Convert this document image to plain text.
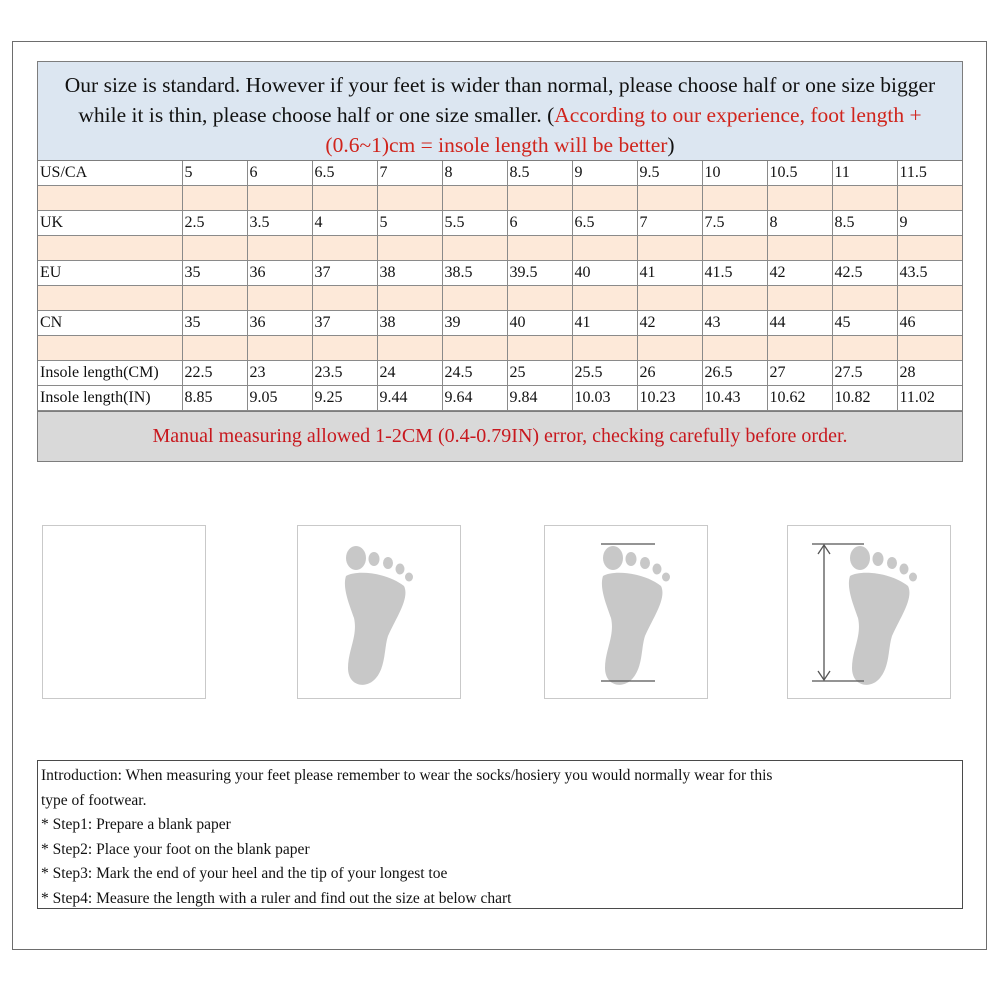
Our size is standard. However if your feet is wider than normal, please choose half or one size bigger
while it is thin, please choose half or one size smaller. (According to our experience, foot length +
(0.6~1)cm = insole length will be better)
US/CA	5	6	6.5	7	8	8.5	9	9.5	10	10.5	11	11.5

UK	2.5	3.5	4	5	5.5	6	6.5	7	7.5	8	8.5	9

EU	35	36	37	38	38.5	39.5	40	41	41.5	42	42.5	43.5

CN	35	36	37	38	39	40	41	42	43	44	45	46

Insole length(CM)	22.5	23	23.5	24	24.5	25	25.5	26	26.5	27	27.5	28
Insole length(IN)	8.85	9.05	9.25	9.44	9.64	9.84	10.03	10.23	10.43	10.62	10.82	11.02
Manual measuring allowed 1-2CM (0.4-0.79IN) error, checking carefully before order.
Introduction: When measuring your feet please remember to wear the socks/hosiery you would normally wear for this
type of footwear.
* Step1: Prepare a blank paper
* Step2: Place your foot on the blank paper
* Step3: Mark the end of your heel and the tip of your longest toe
* Step4: Measure the length with a ruler and find out the size at below chart
